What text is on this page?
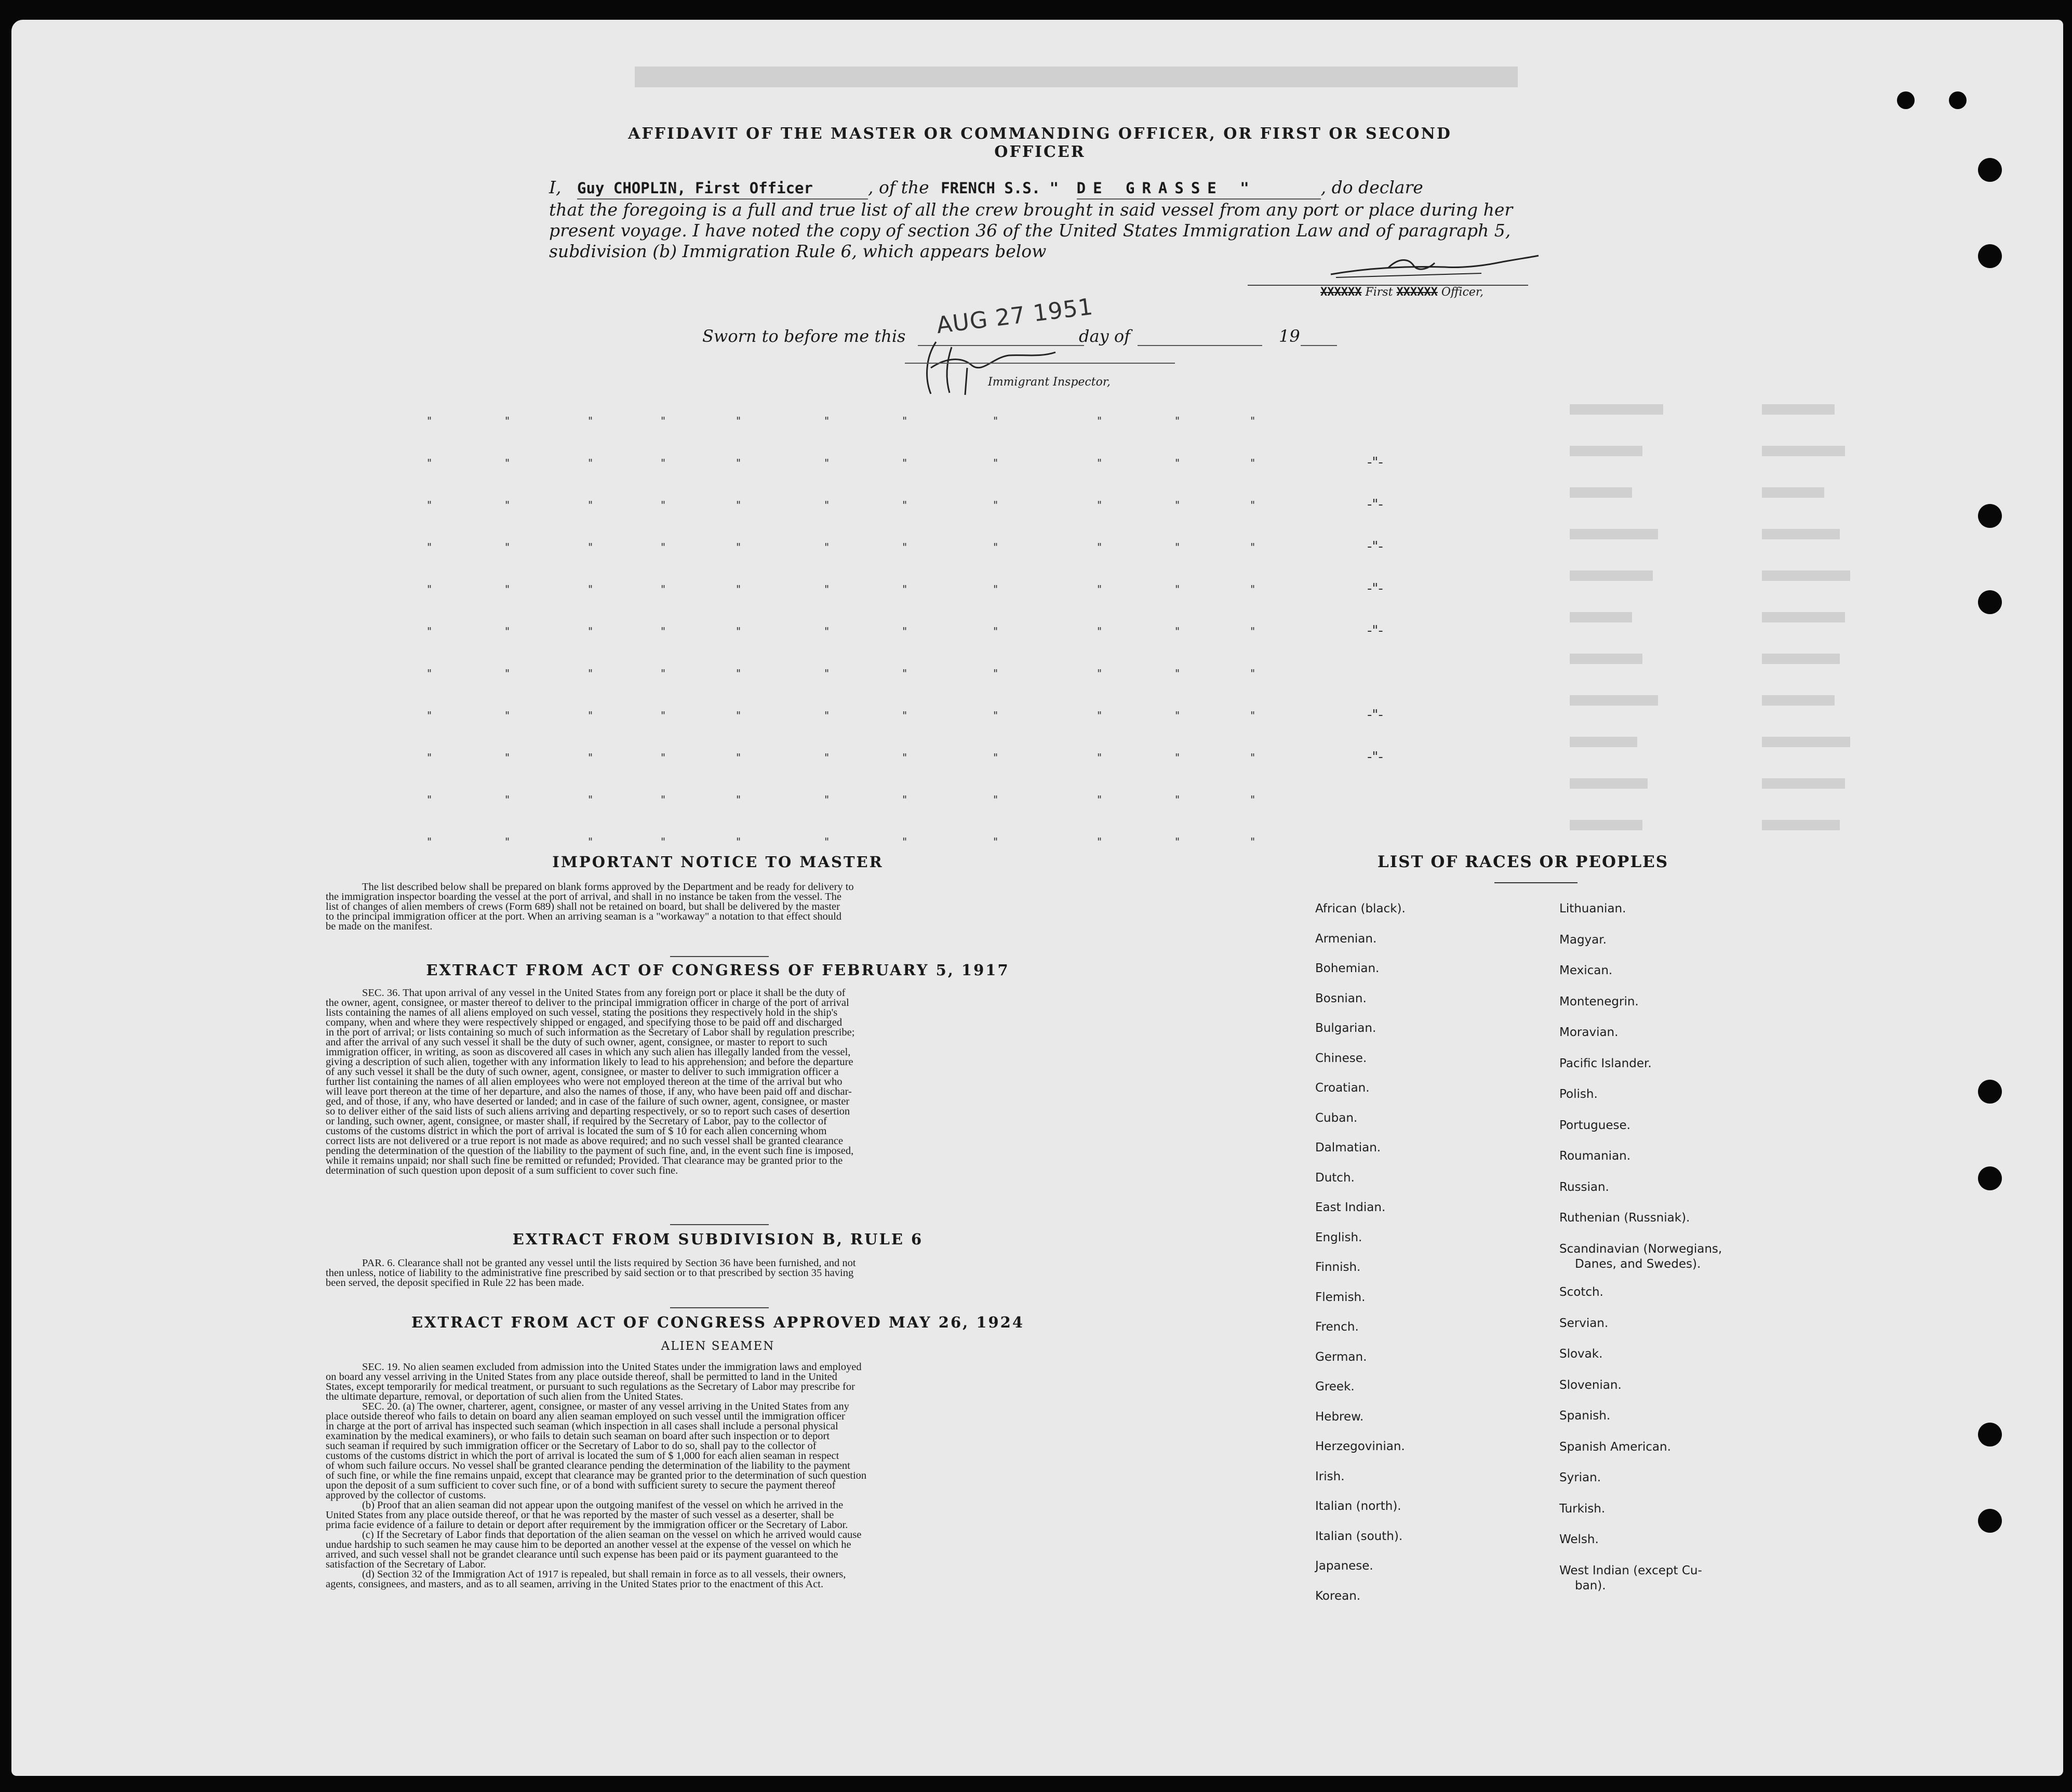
AFFIDAVIT OF THE MASTER OR COMMANDING OFFICER, OR FIRST OR SECOND OFFICER
I, Guy CHOPLIN, First Officer	, of the FRENCH S.S. " DE GRASSE "	, do declare
that the foregoing is a full and true list of all the crew brought in said vessel from any port or place during her
present voyage. I have noted the copy of section 36 of the United States Immigration Law and of paragraph 5,
subdivision (b) Immigration Rule 6, which appears below
XXXXXX First XXXXXX Officer,
Sworn to before me this AUG 27 1951
day of	19
Immigrant Inspector,
"	"	"	"	"	"	"	"	"	"	"
"	"	"	"	"	"	"	"	"	"	"	-"-
"	"	"	"	"	"	"	"	"	"	"	-"-
"	"	"	"	"	"	"	"	"	"	"	-"-
"	"	"	"	"	"	"	"	"	"	"	-"-
"	"	"	"	"	"	"	"	"	"	"	-"-
"	"	"	"	"	"	"	"	"	"	"
"	"	"	"	"	"	"	"	"	"	"	-"-
"	"	"	"	"	"	"	"	"	"	"	-"-
"	"	"	"	"	"	"	"	"	"	"
"	"	"	"	"	"	"	"	"	"	"
IMPORTANT NOTICE TO MASTER
The list described below shall be prepared on blank forms approved by the Department and be ready for delivery to
the immigration inspector boarding the vessel at the port of arrival, and shall in no instance be taken from the vessel. The
list of changes of alien members of crews (Form 689) shall not be retained on board, but shall be delivered by the master
to the principal immigration officer at the port. When an arriving seaman is a "workaway" a notation to that effect should
be made on the manifest.
EXTRACT FROM ACT OF CONGRESS OF FEBRUARY 5, 1917
SEC. 36. That upon arrival of any vessel in the United States from any foreign port or place it shall be the duty of
the owner, agent, consignee, or master thereof to deliver to the principal immigration officer in charge of the port of arrival
lists containing the names of all aliens employed on such vessel, stating the positions they respectively hold in the ship's
company, when and where they were respectively shipped or engaged, and specifying those to be paid off and discharged
in the port of arrival; or lists containing so much of such information as the Secretary of Labor shall by regulation prescribe;
and after the arrival of any such vessel it shall be the duty of such owner, agent, consignee, or master to report to such
immigration officer, in writing, as soon as discovered all cases in which any such alien has illegally landed from the vessel,
giving a description of such alien, together with any information likely to lead to his apprehension; and before the departure
of any such vessel it shall be the duty of such owner, agent, consignee, or master to deliver to such immigration officer a
further list containing the names of all alien employees who were not employed thereon at the time of the arrival but who
will leave port thereon at the time of her departure, and also the names of those, if any, who have been paid off and dischar-
ged, and of those, if any, who have deserted or landed; and in case of the failure of such owner, agent, consignee, or master
so to deliver either of the said lists of such aliens arriving and departing respectively, or so to report such cases of desertion
or landing, such owner, agent, consignee, or master shall, if required by the Secretary of Labor, pay to the collector of
customs of the customs district in which the port of arrival is located the sum of $ 10 for each alien concerning whom
correct lists are not delivered or a true report is not made as above required; and no such vessel shall be granted clearance
pending the determination of the question of the liability to the payment of such fine, and, in the event such fine is imposed,
while it remains unpaid; nor shall such fine be remitted or refunded; Provided. That clearance may be granted prior to the
determination of such question upon deposit of a sum sufficient to cover such fine.
EXTRACT FROM SUBDIVISION B, RULE 6
PAR. 6. Clearance shall not be granted any vessel until the lists required by Section 36 have been furnished, and not
then unless, notice of liability to the administrative fine prescribed by said section or to that prescribed by section 35 having
been served, the deposit specified in Rule 22 has been made.
EXTRACT FROM ACT OF CONGRESS APPROVED MAY 26, 1924
ALIEN SEAMEN
SEC. 19. No alien seamen excluded from admission into the United States under the immigration laws and employed
on board any vessel arriving in the United States from any place outside thereof, shall be permitted to land in the United
States, except temporarily for medical treatment, or pursuant to such regulations as the Secretary of Labor may prescribe for
the ultimate departure, removal, or deportation of such alien from the United States.
SEC. 20. (a) The owner, charterer, agent, consignee, or master of any vessel arriving in the United States from any
place outside thereof who fails to detain on board any alien seaman employed on such vessel until the immigration officer
in charge at the port of arrival has inspected such seaman (which inspection in all cases shall include a personal physical
examination by the medical examiners), or who fails to detain such seaman on board after such inspection or to deport
such seaman if required by such immigration officer or the Secretary of Labor to do so, shall pay to the collector of
customs of the customs district in which the port of arrival is located the sum of $ 1,000 for each alien seaman in respect
of whom such failure occurs. No vessel shall be granted clearance pending the determination of the liability to the payment
of such fine, or while the fine remains unpaid, except that clearance may be granted prior to the determination of such question
upon the deposit of a sum sufficient to cover such fine, or of a bond with sufficient surety to secure the payment thereof
approved by the collector of customs.
(b) Proof that an alien seaman did not appear upon the outgoing manifest of the vessel on which he arrived in the
United States from any place outside thereof, or that he was reported by the master of such vessel as a deserter, shall be
prima facie evidence of a failure to detain or deport after requirement by the immigration officer or the Secretary of Labor.
(c) If the Secretary of Labor finds that deportation of the alien seaman on the vessel on which he arrived would cause
undue hardship to such seamen he may cause him to be deported an another vessel at the expense of the vessel on which he
arrived, and such vessel shall not be grandet clearance until such expense has been paid or its payment guaranteed to the
satisfaction of the Secretary of Labor.
(d) Section 32 of the Immigration Act of 1917 is repealed, but shall remain in force as to all vessels, their owners,
agents, consignees, and masters, and as to all seamen, arriving in the United States prior to the enactment of this Act.
LIST OF RACES OR PEOPLES
African (black).
Armenian.
Bohemian.
Bosnian.
Bulgarian.
Chinese.
Croatian.
Cuban.
Dalmatian.
Dutch.
East Indian.
English.
Finnish.
Flemish.
French.
German.
Greek.
Hebrew.
Herzegovinian.
Irish.
Italian (north).
Italian (south).
Japanese.
Korean.
Lithuanian.
Magyar.
Mexican.
Montenegrin.
Moravian.
Pacific Islander.
Polish.
Portuguese.
Roumanian.
Russian.
Ruthenian (Russniak).
Scandinavian (Norwegians,
Danes, and Swedes).
Scotch.
Servian.
Slovak.
Slovenian.
Spanish.
Spanish American.
Syrian.
Turkish.
Welsh.
West Indian (except Cu-
ban).
